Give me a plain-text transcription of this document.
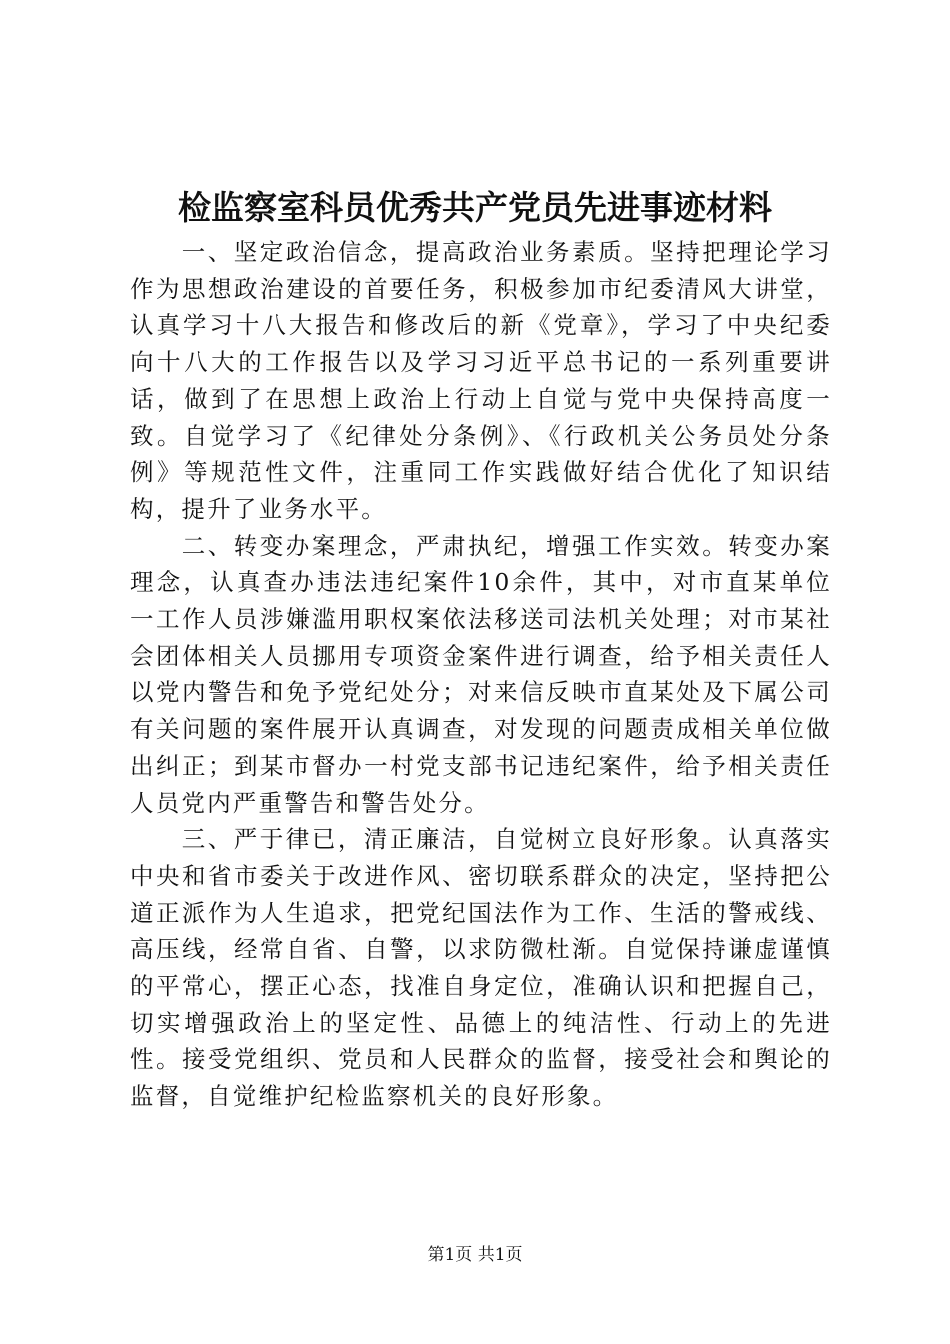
检监察室科员优秀共产党员先进事迹材料

一、坚定政治信念，提高政治业务素质。坚持把理论学习作为思想政治建设的首要任务，积极参加市纪委清风大讲堂，认真学习十八大报告和修改后的新《党章》，学习了中央纪委向十八大的工作报告以及学习习近平总书记的一系列重要讲话，做到了在思想上政治上行动上自觉与党中央保持高度一致。自觉学习了《纪律处分条例》、《行政机关公务员处分条例》等规范性文件，注重同工作实践做好结合优化了知识结构，提升了业务水平。

二、转变办案理念，严肃执纪，增强工作实效。转变办案理念，认真查办违法违纪案件10余件，其中，对市直某单位一工作人员涉嫌滥用职权案依法移送司法机关处理；对市某社会团体相关人员挪用专项资金案件进行调查，给予相关责任人以党内警告和免予党纪处分；对来信反映市直某处及下属公司有关问题的案件展开认真调查，对发现的问题责成相关单位做出纠正；到某市督办一村党支部书记违纪案件，给予相关责任人员党内严重警告和警告处分。

三、严于律已，清正廉洁，自觉树立良好形象。认真落实中央和省市委关于改进作风、密切联系群众的决定，坚持把公道正派作为人生追求，把党纪国法作为工作、生活的警戒线、高压线，经常自省、自警，以求防微杜渐。自觉保持谦虚谨慎的平常心，摆正心态，找准自身定位，准确认识和把握自己，切实增强政治上的坚定性、品德上的纯洁性、行动上的先进性。接受党组织、党员和人民群众的监督，接受社会和舆论的监督，自觉维护纪检监察机关的良好形象。

第1页 共1页
